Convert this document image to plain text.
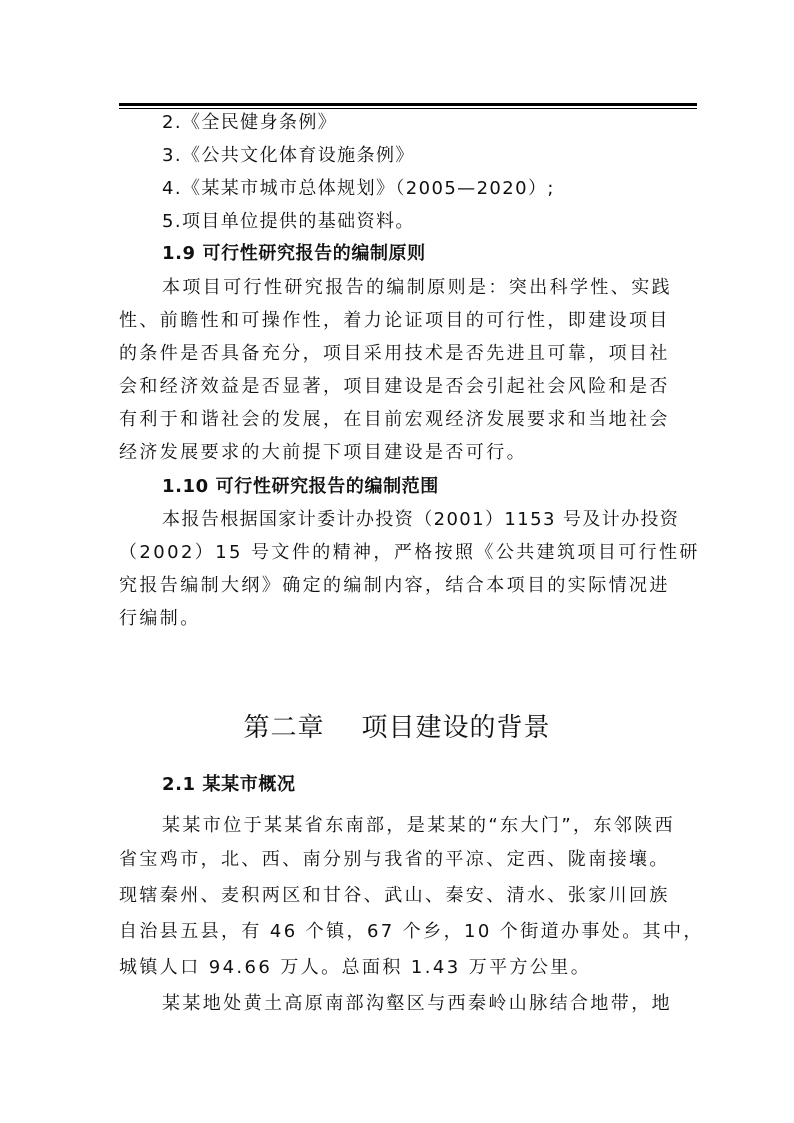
2.《全民健身条例》
3.《公共文化体育设施条例》
4.《某某市城市总体规划》（2005—2020）;
5.项目单位提供的基础资料。
1.9 可行性研究报告的编制原则
本项目可行性研究报告的编制原则是：突出科学性、实践
性、前瞻性和可操作性，着力论证项目的可行性，即建设项目
的条件是否具备充分，项目采用技术是否先进且可靠，项目社
会和经济效益是否显著，项目建设是否会引起社会风险和是否
有利于和谐社会的发展，在目前宏观经济发展要求和当地社会
经济发展要求的大前提下项目建设是否可行。
1.10 可行性研究报告的编制范围
本报告根据国家计委计办投资（2001）1153 号及计办投资
（2002）15 号文件的精神，严格按照《公共建筑项目可行性研
究报告编制大纲》确定的编制内容，结合本项目的实际情况进
行编制。
第二章    项目建设的背景
2.1 某某市概况
某某市位于某某省东南部，是某某的“东大门”，东邻陕西
省宝鸡市，北、西、南分别与我省的平凉、定西、陇南接壤。
现辖秦州、麦积两区和甘谷、武山、秦安、清水、张家川回族
自治县五县，有 46 个镇，67 个乡，10 个街道办事处。其中，
城镇人口 94.66 万人。总面积 1.43 万平方公里。
某某地处黄土高原南部沟壑区与西秦岭山脉结合地带，地
